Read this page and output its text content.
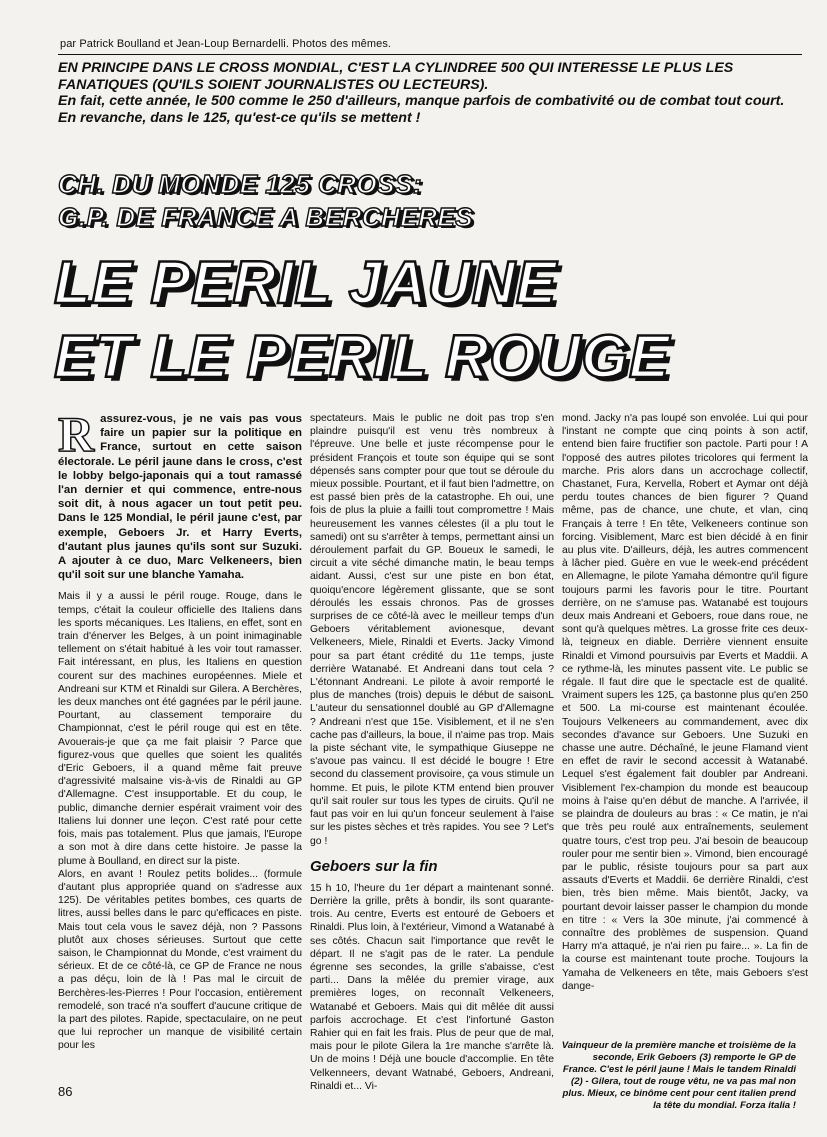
par Patrick Boulland et Jean-Loup Bernardelli. Photos des mêmes.

EN PRINCIPE DANS LE CROSS MONDIAL, C'EST LA CYLINDREE 500 QUI INTERESSE LE PLUS LES FANATIQUES (QU'ILS SOIENT JOURNALISTES OU LECTEURS).

En fait, cette année, le 500 comme le 250 d'ailleurs, manque parfois de combativité ou de combat tout court.

En revanche, dans le 125, qu'est-ce qu'ils se mettent !

CH. DU MONDE 125 CROSS:
G.P. DE FRANCE A BERCHERES
LE PERIL JAUNE
ET LE PERIL ROUGE

Rassurez-vous, je ne vais pas vous faire un papier sur la politique en France, surtout en cette saison électorale. Le péril jaune dans le cross, c'est le lobby belgo-japonais qui a tout ramassé l'an dernier et qui commence, entre-nous soit dit, à nous agacer un tout petit peu. Dans le 125 Mondial, le péril jaune c'est, par exemple, Geboers Jr. et Harry Everts, d'autant plus jaunes qu'ils sont sur Suzuki. A ajouter à ce duo, Marc Velkeneers, bien qu'il soit sur une blanche Yamaha.

Mais il y a aussi le péril rouge. Rouge, dans le temps, c'était la couleur officielle des Italiens dans les sports mécaniques. Les Italiens, en effet, sont en train d'énerver les Belges, à un point inimaginable tellement on s'était habitué à les voir tout ramasser. Fait intéressant, en plus, les Italiens en question courent sur des machines européennes. Miele et Andreani sur KTM et Rinaldi sur Gilera. A Berchères, les deux manches ont été gagnées par le péril jaune. Pourtant, au classement temporaire du Championnat, c'est le péril rouge qui est en tête. Avouerais-je que ça me fait plaisir ? Parce que figurez-vous que quelles que soient les qualités d'Eric Geboers, il a quand même fait preuve d'agressivité malsaine vis-à-vis de Rinaldi au GP d'Allemagne. C'est insupportable. Et du coup, le public, dimanche dernier espérait vraiment voir des Italiens lui donner une leçon. C'est raté pour cette fois, mais pas totalement. Plus que jamais, l'Europe a son mot à dire dans cette histoire. Je passe la plume à Boulland, en direct sur la piste.

Alors, en avant ! Roulez petits bolides... (formule d'autant plus appropriée quand on s'adresse aux 125). De véritables petites bombes, ces quarts de litres, aussi belles dans le parc qu'efficaces en piste. Mais tout cela vous le savez déjà, non ? Passons plutôt aux choses sérieuses. Surtout que cette saison, le Championnat du Monde, c'est vraiment du sérieux. Et de ce côté-là, ce GP de France ne nous a pas déçu, loin de là ! Pas mal le circuit de Berchères-les-Pierres ! Pour l'occasion, entièrement remodelé, son tracé n'a souffert d'aucune critique de la part des pilotes. Rapide, spectaculaire, on ne peut que lui reprocher un manque de visibilité certain pour les

spectateurs. Mais le public ne doit pas trop s'en plaindre puisqu'il est venu très nombreux à l'épreuve. Une belle et juste récompense pour le président François et toute son équipe qui se sont dépensés sans compter pour que tout se déroule du mieux possible. Pourtant, et il faut bien l'admettre, on est passé bien près de la catastrophe. Eh oui, une fois de plus la pluie a failli tout compromettre ! Mais heureusement les vannes célestes (il a plu tout le samedi) ont su s'arrêter à temps, permettant ainsi un déroulement parfait du GP. Boueux le samedi, le circuit a vite séché dimanche matin, le beau temps aidant. Aussi, c'est sur une piste en bon état, quoiqu'encore légèrement glissante, que se sont déroulés les essais chronos. Pas de grosses surprises de ce côté-là avec le meilleur temps d'un Geboers véritablement avionesque, devant Velkeneers, Miele, Rinaldi et Everts. Jacky Vimond pour sa part étant crédité du 11e temps, juste derrière Watanabé. Et Andreani dans tout cela ? L'étonnant Andreani. Le pilote à avoir remporté le plus de manches (trois) depuis le début de saisonL L'auteur du sensationnel doublé au GP d'Allemagne ? Andreani n'est que 15e. Visiblement, et il ne s'en cache pas d'ailleurs, la boue, il n'aime pas trop. Mais la piste séchant vite, le sympathique Giuseppe ne s'avoue pas vaincu. Il est décidé le bougre ! Etre second du classement provisoire, ça vous stimule un homme. Et puis, le pilote KTM entend bien prouver qu'il sait rouler sur tous les types de ciruits. Qu'il ne faut pas voir en lui qu'un fonceur seulement à l'aise sur les pistes sèches et très rapides. You see ? Let's go !

Geboers sur la fin

15 h 10, l'heure du 1er départ a maintenant sonné. Derrière la grille, prêts à bondir, ils sont quarante-trois. Au centre, Everts est entouré de Geboers et Rinaldi. Plus loin, à l'extérieur, Vimond a Watanabé à ses côtés. Chacun sait l'importance que revêt le départ. Il ne s'agit pas de le rater. La pendule égrenne ses secondes, la grille s'abaisse, c'est parti... Dans la mêlée du premier virage, aux premières loges, on reconnaît Velkeneers, Watanabé et Geboers. Mais qui dit mêlée dit aussi parfois accrochage. Et c'est l'infortuné Gaston Rahier qui en fait les frais. Plus de peur que de mal, mais pour le pilote Gilera la 1re manche s'arrête là. Un de moins ! Déjà une boucle d'accomplie. En tête Velkenneers, devant Watnabé, Geboers, Andreani, Rinaldi et... Vi-

mond. Jacky n'a pas loupé son envolée. Lui qui pour l'instant ne compte que cinq points à son actif, entend bien faire fructifier son pactole. Parti pour ! A l'opposé des autres pilotes tricolores qui ferment la marche. Pris alors dans un accrochage collectif, Chastanet, Fura, Kervella, Robert et Aymar ont déjà perdu toutes chances de bien figurer ? Quand même, pas de chance, une chute, et vlan, cinq Français à terre ! En tête, Velkeneers continue son forcing. Visiblement, Marc est bien décidé à en finir au plus vite. D'ailleurs, déjà, les autres commencent à lâcher pied. Guère en vue le week-end précédent en Allemagne, le pilote Yamaha démontre qu'il figure toujours parmi les favoris pour le titre. Pourtant derrière, on ne s'amuse pas. Watanabé est toujours deux mais Andreani et Geboers, roue dans roue, ne sont qu'à quelques mètres. La grosse frite ces deux-là, teigneux en diable. Derrière viennent ensuite Rinaldi et Vimond poursuivis par Everts et Maddii. A ce rythme-là, les minutes passent vite. Le public se régale. Il faut dire que le spectacle est de qualité. Vraiment supers les 125, ça bastonne plus qu'en 250 et 500. La mi-course est maintenant écoulée. Toujours Velkeneers au commandement, avec dix secondes d'avance sur Geboers. Une Suzuki en chasse une autre. Déchaîné, le jeune Flamand vient en effet de ravir le second accessit à Watanabé. Lequel s'est également fait doubler par Andreani. Visiblement l'ex-champion du monde est beaucoup moins à l'aise qu'en début de manche. A l'arrivée, il se plaindra de douleurs au bras : « Ce matin, je n'ai que très peu roulé aux entraînements, seulement quatre tours, c'est trop peu. J'ai besoin de beaucoup rouler pour me sentir bien ». Vimond, bien encouragé par le public, résiste toujours pour sa part aux assauts d'Everts et Maddii. 6e derrière Rinaldi, c'est bien, très bien même. Mais bientôt, Jacky, va pourtant devoir laisser passer le champion du monde en titre : « Vers la 30e minute, j'ai commencé à connaître des problèmes de suspension. Quand Harry m'a attaqué, je n'ai rien pu faire... ». La fin de la course est maintenant toute proche. Toujours la Yamaha de Velkeneers en tête, mais Geboers s'est dange-

Vainqueur de la première manche et troisième de la seconde, Erik Geboers (3) remporte le GP de France. C'est le péril jaune ! Mais le tandem Rinaldi (2) - Gilera, tout de rouge vêtu, ne va pas mal non plus. Mieux, ce binôme cent pour cent italien prend la tête du mondial. Forza italia !
86
